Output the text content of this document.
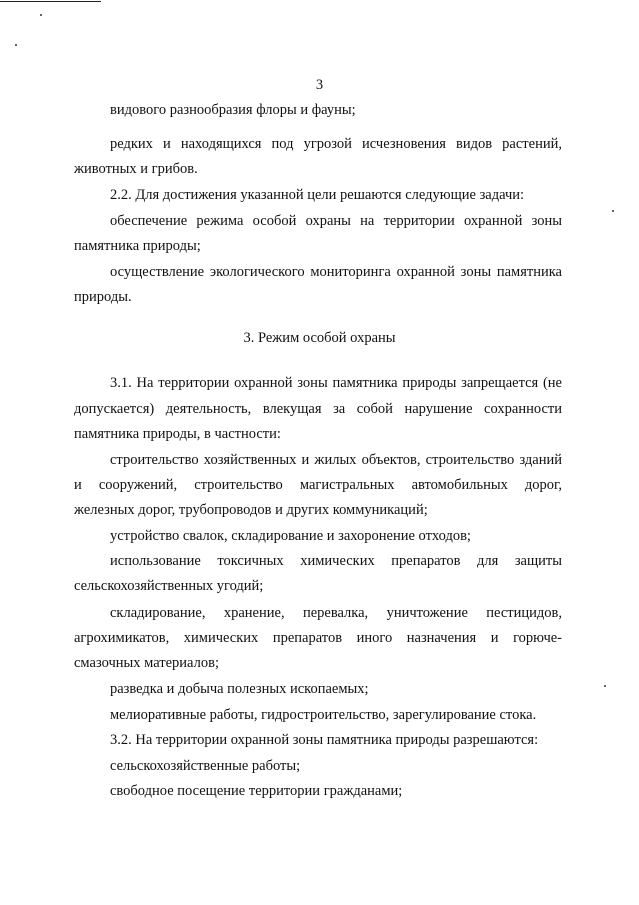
3
видового разнообразия флоры и фауны;
редких и находящихся под угрозой исчезновения видов растений,
животных и грибов.
2.2. Для достижения указанной цели решаются следующие задачи:
обеспечение режима особой охраны на территории охранной зоны
памятника природы;
осуществление экологического мониторинга охранной зоны памятника
природы.
3. Режим особой охраны
3.1. На территории охранной зоны памятника природы запрещается (не
допускается) деятельность, влекущая за собой нарушение сохранности
памятника природы, в частности:
строительство хозяйственных и жилых объектов, строительство зданий
и сооружений, строительство магистральных автомобильных дорог,
железных дорог, трубопроводов и других коммуникаций;
устройство свалок, складирование и захоронение отходов;
использование токсичных химических препаратов для защиты
сельскохозяйственных угодий;
складирование, хранение, перевалка, уничтожение пестицидов,
агрохимикатов, химических препаратов иного назначения и горюче-
смазочных материалов;
разведка и добыча полезных ископаемых;
мелиоративные работы, гидростроительство, зарегулирование стока.
3.2. На территории охранной зоны памятника природы разрешаются:
сельскохозяйственные работы;
свободное посещение территории гражданами;
